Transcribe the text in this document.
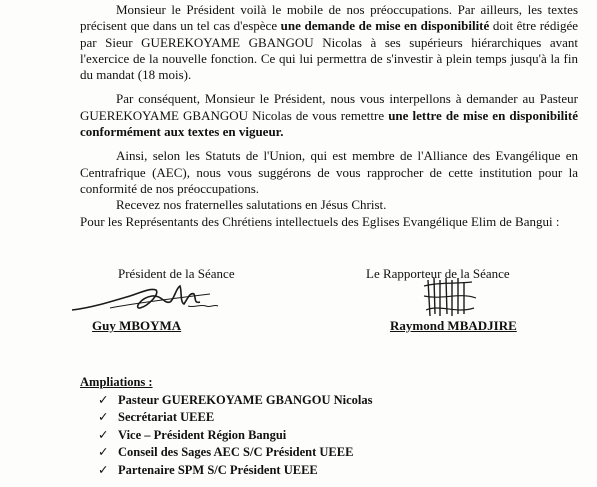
Monsieur le Président voilà le mobile de nos préoccupations. Par ailleurs, les textes précisent que dans un tel cas d'espèce une demande de mise en disponibilité doit être rédigée par Sieur GUEREKOYAME GBANGOU Nicolas à ses supérieurs hiérarchiques avant l'exercice de la nouvelle fonction. Ce qui lui permettra de s'investir à plein temps jusqu'à la fin du mandat (18 mois).

Par conséquent, Monsieur le Président, nous vous interpellons à demander au Pasteur GUEREKOYAME GBANGOU Nicolas de vous remettre une lettre de mise en disponibilité conformément aux textes en vigueur.

Ainsi, selon les Statuts de l'Union, qui est membre de l'Alliance des Evangélique en Centrafrique (AEC), nous vous suggérons de vous rapprocher de cette institution pour la conformité de nos préoccupations.

Recevez nos fraternelles salutations en Jésus Christ.

Pour les Représentants des Chrétiens intellectuels des Eglises Evangélique Elim de Bangui :

Président de la Séance
Guy MBOYMA
Le Rapporteur de la Séance
Raymond MBADJIRE
Ampliations :
✓ Pasteur GUEREKOYAME GBANGOU Nicolas
✓ Secrétariat UEEE
✓ Vice – Président Région Bangui
✓ Conseil des Sages AEC S/C Président UEEE
✓ Partenaire SPM S/C Président UEEE
